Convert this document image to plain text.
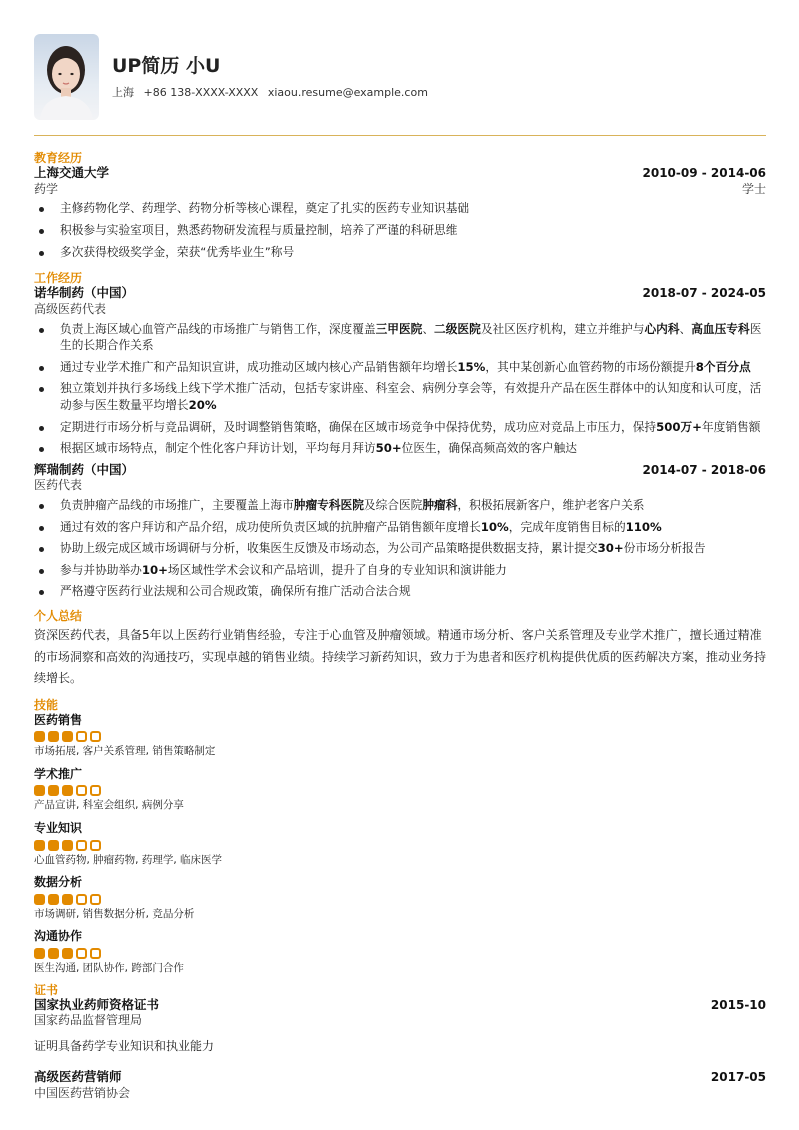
UP简历 小U
上海 +86 138-XXXX-XXXX xiaou.resume@example.com
教育经历
上海交通大学	2010-09 - 2014-06
药学	学士
主修药物化学、药理学、药物分析等核心课程，奠定了扎实的医药专业知识基础
积极参与实验室项目，熟悉药物研发流程与质量控制，培养了严谨的科研思维
多次获得校级奖学金，荣获“优秀毕业生”称号
工作经历
诺华制药（中国）	2018-07 - 2024-05
高级医药代表
负责上海区域心血管产品线的市场推广与销售工作，深度覆盖三甲医院、二级医院及社区医疗机构，建立并维护与心内科、高血压专科医生的长期合作关系
通过专业学术推广和产品知识宣讲，成功推动区域内核心产品销售额年均增长15%，其中某创新心血管药物的市场份额提升8个百分点
独立策划并执行多场线上线下学术推广活动，包括专家讲座、科室会、病例分享会等，有效提升产品在医生群体中的认知度和认可度，活动参与医生数量平均增长20%
定期进行市场分析与竞品调研，及时调整销售策略，确保在区域市场竞争中保持优势，成功应对竞品上市压力，保持500万+年度销售额
根据区域市场特点，制定个性化客户拜访计划，平均每月拜访50+位医生，确保高频高效的客户触达
辉瑞制药（中国）	2014-07 - 2018-06
医药代表
负责肿瘤产品线的市场推广，主要覆盖上海市肿瘤专科医院及综合医院肿瘤科，积极拓展新客户，维护老客户关系
通过有效的客户拜访和产品介绍，成功使所负责区域的抗肿瘤产品销售额年度增长10%，完成年度销售目标的110%
协助上级完成区域市场调研与分析，收集医生反馈及市场动态，为公司产品策略提供数据支持，累计提交30+份市场分析报告
参与并协助举办10+场区域性学术会议和产品培训，提升了自身的专业知识和演讲能力
严格遵守医药行业法规和公司合规政策，确保所有推广活动合法合规
个人总结
资深医药代表，具备5年以上医药行业销售经验，专注于心血管及肿瘤领域。精通市场分析、客户关系管理及专业学术推广，擅长通过精准的市场洞察和高效的沟通技巧，实现卓越的销售业绩。持续学习新药知识，致力于为患者和医疗机构提供优质的医药解决方案，推动业务持续增长。
技能
医药销售
市场拓展, 客户关系管理, 销售策略制定
学术推广
产品宣讲, 科室会组织, 病例分享
专业知识
心血管药物, 肿瘤药物, 药理学, 临床医学
数据分析
市场调研, 销售数据分析, 竞品分析
沟通协作
医生沟通, 团队协作, 跨部门合作
证书
国家执业药师资格证书	2015-10
国家药品监督管理局
证明具备药学专业知识和执业能力
高级医药营销师	2017-05
中国医药营销协会
